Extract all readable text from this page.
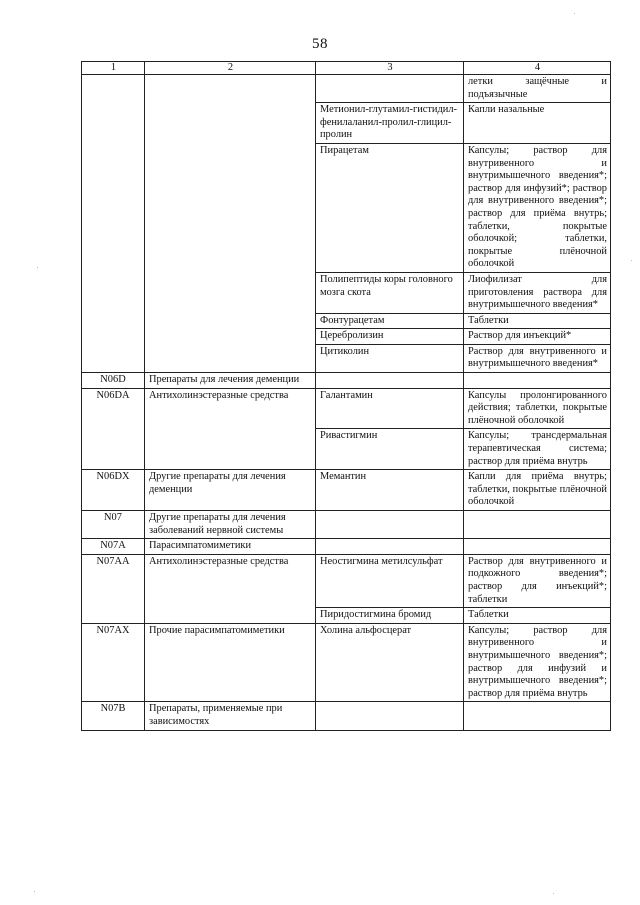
58
1	2	3	4
			летки защёчные и подъязычные
		Метионил-глутамил-гистидил-фенилаланил-пролил-глицил-пролин	Капли назальные
		Пирацетам	Капсулы; раствор для внутривенного и внутримышечного введения*; раствор для инфузий*; раствор для внутривенного введения*; раствор для приёма внутрь; таблетки, покрытые оболочкой; таблетки, покрытые плёночной оболочкой
		Полипептиды коры головного мозга скота	Лиофилизат для приготовления раствора для внутримышечного введения*
		Фонтурацетам	Таблетки
		Церебролизин	Раствор для инъекций*
		Цитиколин	Раствор для внутривенного и внутримышечного введения*
N06D	Препараты для лечения деменции		
N06DA	Антихолинэстеразные средства	Галантамин	Капсулы пролонгированного действия; таблетки, покрытые плёночной оболочкой
		Ривастигмин	Капсулы; трансдермальная терапевтическая система; раствор для приёма внутрь
N06DX	Другие препараты для лечения деменции	Мемантин	Капли для приёма внутрь; таблетки, покрытые плёночной оболочкой
N07	Другие препараты для лечения заболеваний нервной системы		
N07A	Парасимпатомиметики		
N07AA	Антихолинэстеразные средства	Неостигмина метилсульфат	Раствор для внутривенного и подкожного введения*; раствор для инъекций*; таблетки
		Пиридостигмина бромид	Таблетки
N07AX	Прочие парасимпатомиметики	Холина альфосцерат	Капсулы; раствор для внутривенного и внутримышечного введения*; раствор для инфузий и внутримышечного введения*; раствор для приёма внутрь
N07B	Препараты, применяемые при зависимостях		
